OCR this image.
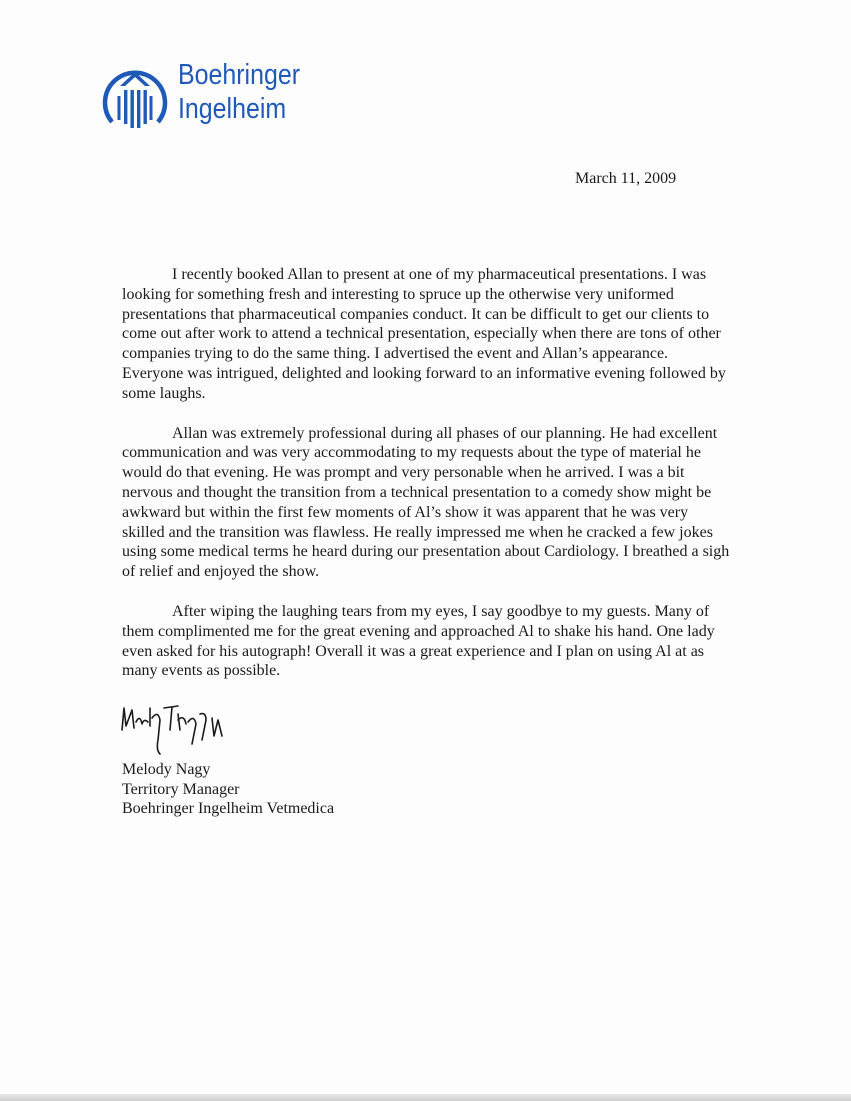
Boehringer
Ingelheim
March 11, 2009

I recently booked Allan to present at one of my pharmaceutical presentations. I was looking for something fresh and interesting to spruce up the otherwise very uniformed presentations that pharmaceutical companies conduct. It can be difficult to get our clients to come out after work to attend a technical presentation, especially when there are tons of other companies trying to do the same thing. I advertised the event and Allan’s appearance. Everyone was intrigued, delighted and looking forward to an informative evening followed by some laughs.

Allan was extremely professional during all phases of our planning. He had excellent communication and was very accommodating to my requests about the type of material he would do that evening. He was prompt and very personable when he arrived. I was a bit nervous and thought the transition from a technical presentation to a comedy show might be awkward but within the first few moments of Al’s show it was apparent that he was very skilled and the transition was flawless. He really impressed me when he cracked a few jokes using some medical terms he heard during our presentation about Cardiology. I breathed a sigh of relief and enjoyed the show.

After wiping the laughing tears from my eyes, I say goodbye to my guests. Many of them complimented me for the great evening and approached Al to shake his hand. One lady even asked for his autograph! Overall it was a great experience and I plan on using Al at as many events as possible.

Melody Nagy
Territory Manager
Boehringer Ingelheim Vetmedica
